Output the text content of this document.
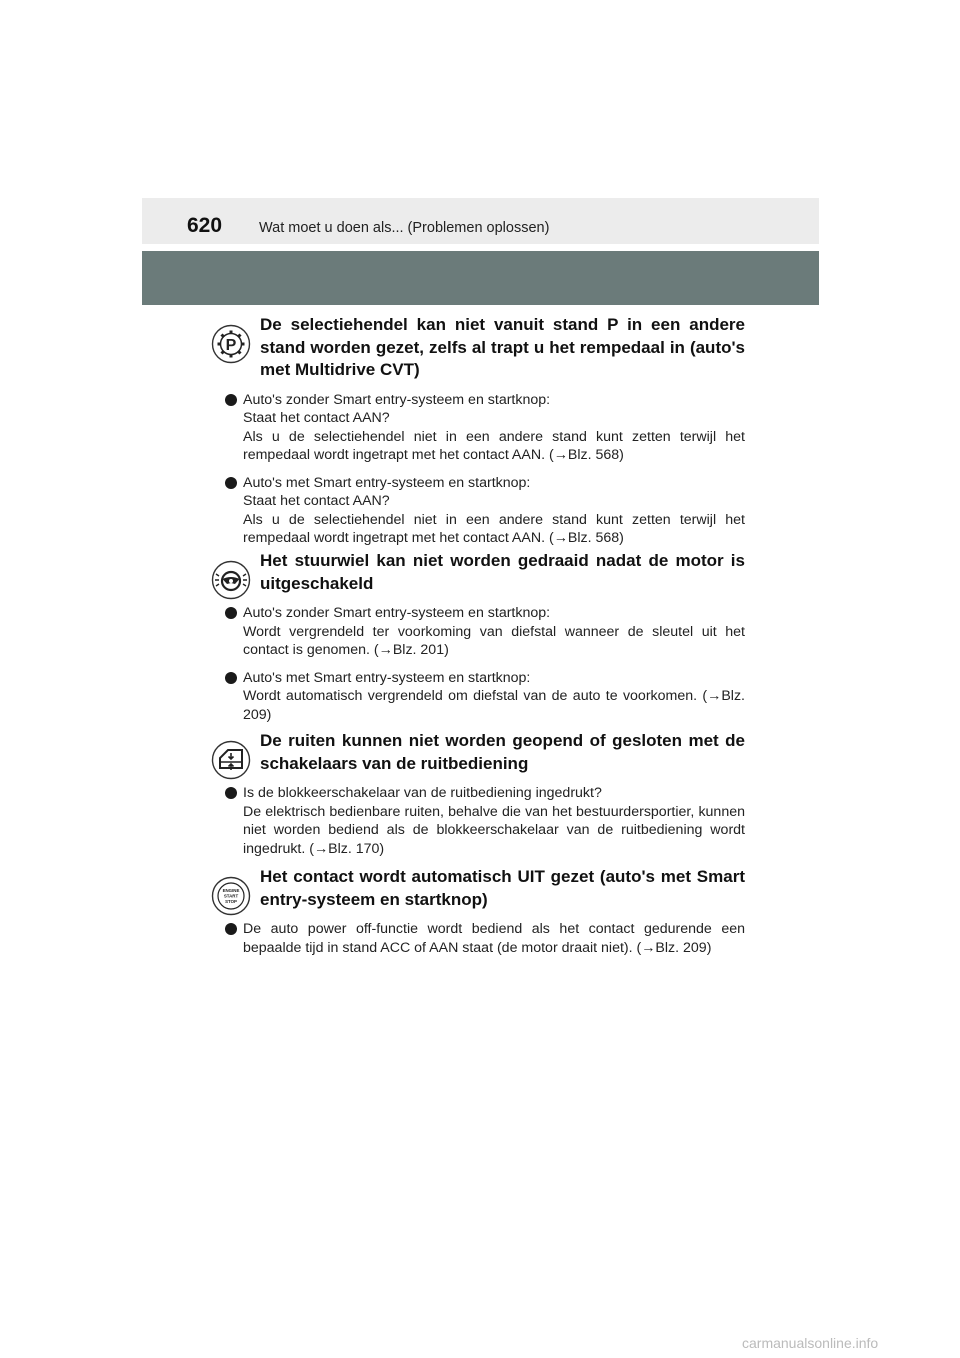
620	Wat moet u doen als... (Problemen oplossen)
P
De selectiehendel kan niet vanuit stand P in een andere stand worden gezet, zelfs al trapt u het rempedaal in (auto's met Multidrive CVT)
Auto's zonder Smart entry-systeem en startknop:
Staat het contact AAN?
Als u de selectiehendel niet in een andere stand kunt zetten terwijl het rempedaal wordt ingetrapt met het contact AAN. (→Blz. 568)
Auto's met Smart entry-systeem en startknop:
Staat het contact AAN?
Als u de selectiehendel niet in een andere stand kunt zetten terwijl het rempedaal wordt ingetrapt met het contact AAN. (→Blz. 568)
Het stuurwiel kan niet worden gedraaid nadat de motor is uitgeschakeld
Auto's zonder Smart entry-systeem en startknop:
Wordt vergrendeld ter voorkoming van diefstal wanneer de sleutel uit het contact is genomen. (→Blz. 201)
Auto's met Smart entry-systeem en startknop:
Wordt automatisch vergrendeld om diefstal van de auto te voorkomen. (→Blz. 209)
De ruiten kunnen niet worden geopend of gesloten met de schakelaars van de ruitbediening
Is de blokkeerschakelaar van de ruitbediening ingedrukt?
De elektrisch bedienbare ruiten, behalve die van het bestuurdersportier, kunnen niet worden bediend als de blokkeerschakelaar van de ruitbediening wordt ingedrukt. (→Blz. 170)
ENGINE
START
STOP
Het contact wordt automatisch UIT gezet (auto's met Smart entry-systeem en startknop)
De auto power off-functie wordt bediend als het contact gedurende een bepaalde tijd in stand ACC of AAN staat (de motor draait niet). (→Blz. 209)
carmanualsonline.info
